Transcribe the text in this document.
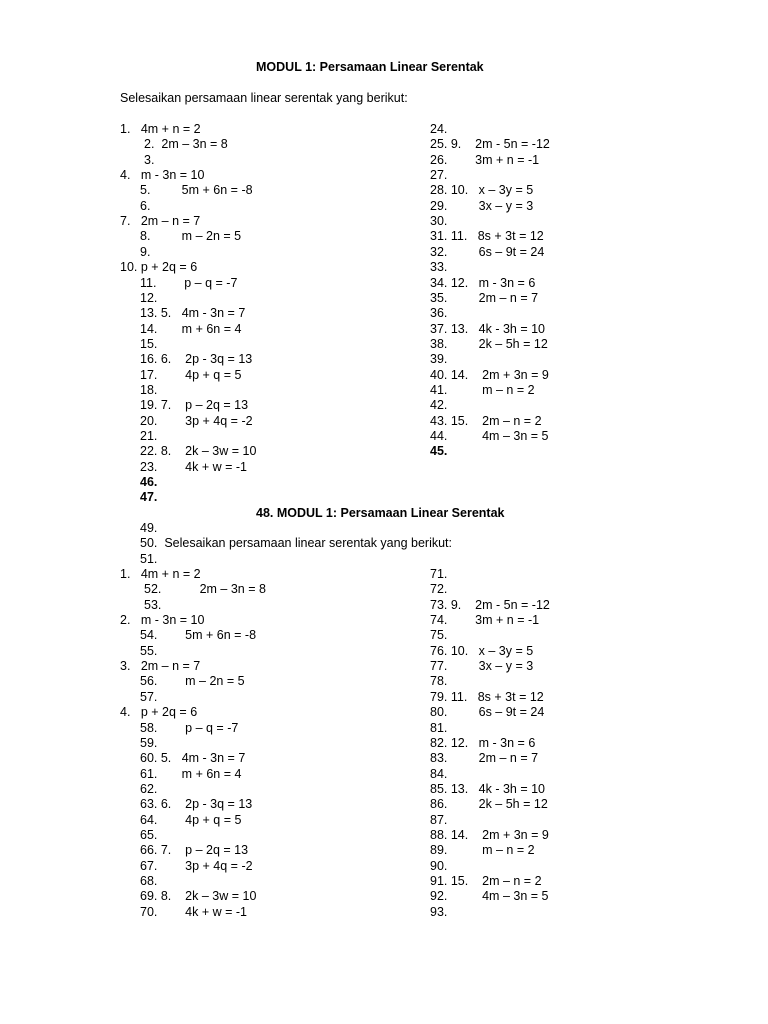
MODUL 1: Persamaan Linear Serentak
Selesaikan persamaan linear serentak yang berikut:
1.   4m + n = 2
2.  2m – 3n = 8
3.
4.   m - 3n = 10
5.         5m + 6n = -8
6.
7.   2m – n = 7
8.         m – 2n = 5
9.
10. p + 2q = 6
11.        p – q = -7
12.
13. 5.   4m - 3n = 7
14.       m + 6n = 4
15.
16. 6.    2p - 3q = 13
17.        4p + q = 5
18.
19. 7.    p – 2q = 13
20.        3p + 4q = -2
21.
22. 8.    2k – 3w = 10
23.        4k + w = -1
46.
47.
24.
25. 9.    2m - 5n = -12
26.        3m + n = -1
27.
28. 10.   x – 3y = 5
29.         3x – y = 3
30.
31. 11.   8s + 3t = 12
32.         6s – 9t = 24
33.
34. 12.   m - 3n = 6
35.         2m – n = 7
36.
37. 13.   4k - 3h = 10
38.         2k – 5h = 12
39.
40. 14.    2m + 3n = 9
41.          m – n = 2
42.
43. 15.    2m – n = 2
44.          4m – 3n = 5
45.
48. MODUL 1: Persamaan Linear Serentak
49.
50.  Selesaikan persamaan linear serentak yang berikut:
51.
1.   4m + n = 2
52.           2m – 3n = 8
53.
2.   m - 3n = 10
54.        5m + 6n = -8
55.
3.   2m – n = 7
56.        m – 2n = 5
57.
4.   p + 2q = 6
58.        p – q = -7
59.
60. 5.   4m - 3n = 7
61.       m + 6n = 4
62.
63. 6.    2p - 3q = 13
64.        4p + q = 5
65.
66. 7.    p – 2q = 13
67.        3p + 4q = -2
68.
69. 8.    2k – 3w = 10
70.        4k + w = -1
71.
72.
73. 9.    2m - 5n = -12
74.        3m + n = -1
75.
76. 10.   x – 3y = 5
77.         3x – y = 3
78.
79. 11.   8s + 3t = 12
80.         6s – 9t = 24
81.
82. 12.   m - 3n = 6
83.         2m – n = 7
84.
85. 13.   4k - 3h = 10
86.         2k – 5h = 12
87.
88. 14.    2m + 3n = 9
89.          m – n = 2
90.
91. 15.    2m – n = 2
92.          4m – 3n = 5
93.
